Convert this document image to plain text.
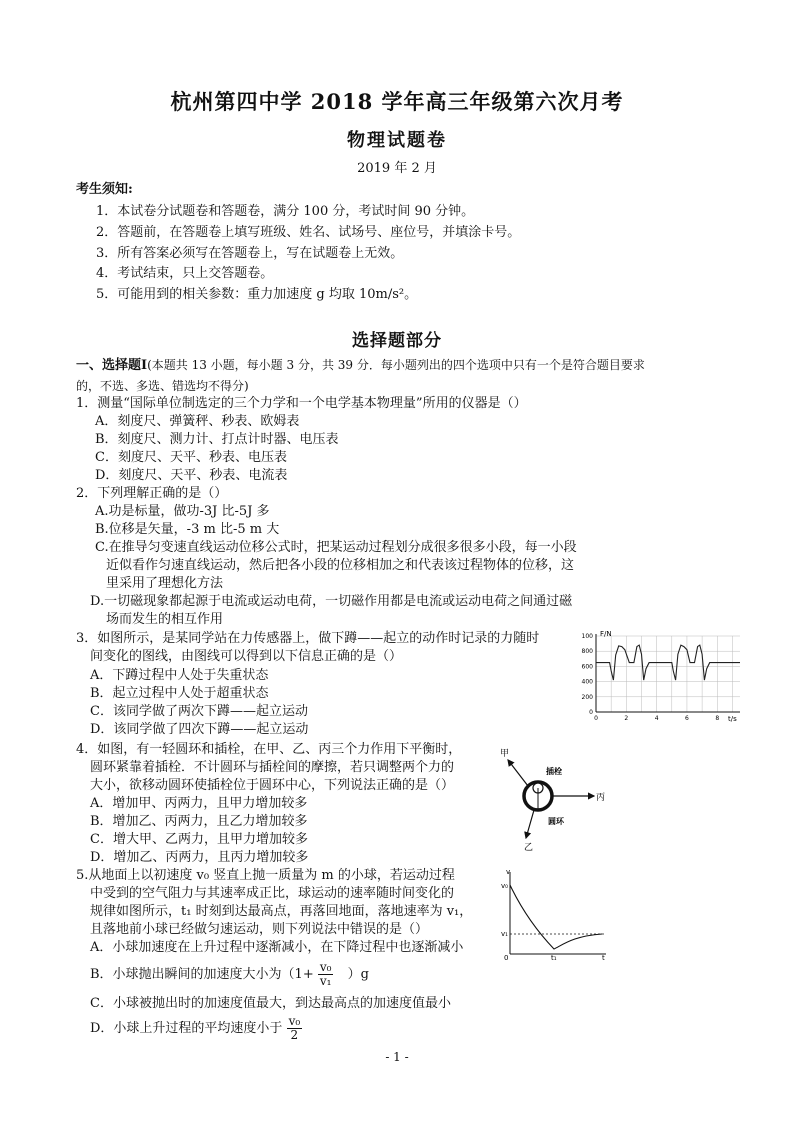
杭州第四中学 2018 学年高三年级第六次月考
物理试题卷
2019 年 2 月
考生须知:
1．本试卷分试题卷和答题卷，满分 100 分，考试时间 90 分钟。
2．答题前，在答题卷上填写班级、姓名、试场号、座位号，并填涂卡号。
3．所有答案必须写在答题卷上，写在试题卷上无效。
4．考试结束，只上交答题卷。
5．可能用到的相关参数：重力加速度 g 均取 10m/s²。
选择题部分
一、选择题Ⅰ(本题共 13 小题，每小题 3 分，共 39 分．每小题列出的四个选项中只有一个是符合题目要求
的，不选、多选、错选均不得分)
1．测量“国际单位制选定的三个力学和一个电学基本物理量”所用的仪器是（）
A．刻度尺、弹簧秤、秒表、欧姆表
B．刻度尺、测力计、打点计时器、电压表
C．刻度尺、天平、秒表、电压表
D．刻度尺、天平、秒表、电流表
2．下列理解正确的是（）
A.功是标量，做功-3J 比-5J 多
B.位移是矢量，-3 m 比-5 m 大
C.在推导匀变速直线运动位移公式时，把某运动过程划分成很多很多小段，每一小段
近似看作匀速直线运动，然后把各小段的位移相加之和代表该过程物体的位移，这
里采用了理想化方法
D.一切磁现象都起源于电流或运动电荷，一切磁作用都是电流或运动电荷之间通过磁
场而发生的相互作用
3．如图所示，是某同学站在力传感器上，做下蹲——起立的动作时记录的力随时
间变化的图线，由图线可以得到以下信息正确的是（）
A．下蹲过程中人处于失重状态
B．起立过程中人处于超重状态
C．该同学做了两次下蹲——起立运动
D．该同学做了四次下蹲——起立运动
F/N
t/s
100
800
600
400
200
0
0	2	4	6	8
4．如图，有一轻圆环和插栓，在甲、乙、丙三个力作用下平衡时，
圆环紧靠着插栓．不计圆环与插栓间的摩擦，若只调整两个力的
大小，欲移动圆环使插栓位于圆环中心，下列说法正确的是（）
A．增加甲、丙两力，且甲力增加较多
B．增加乙、丙两力，且乙力增加较多
C．增大甲、乙两力，且甲力增加较多
D．增加乙、丙两力，且丙力增加较多
甲
丙
乙
插栓
圆环
5.从地面上以初速度 v₀ 竖直上抛一质量为 m 的小球，若运动过程
中受到的空气阻力与其速率成正比，球运动的速率随时间变化的
规律如图所示，t₁ 时刻到达最高点，再落回地面，落地速率为 v₁，
且落地前小球已经做匀速运动，则下列说法中错误的是（）
A．小球加速度在上升过程中逐渐减小，在下降过程中也逐渐减小
B．小球抛出瞬间的加速度大小为$(1+ \frac{\text{v₀}}{\text{v₁}} )g$
C．小球被抛出时的加速度值最大，到达最高点的加速度值最小
D．小球上升过程的平均速度小于 $\frac{\text{v₀}}{2}$
v
t
0
v₀
v₁
t₁
- 1 -
